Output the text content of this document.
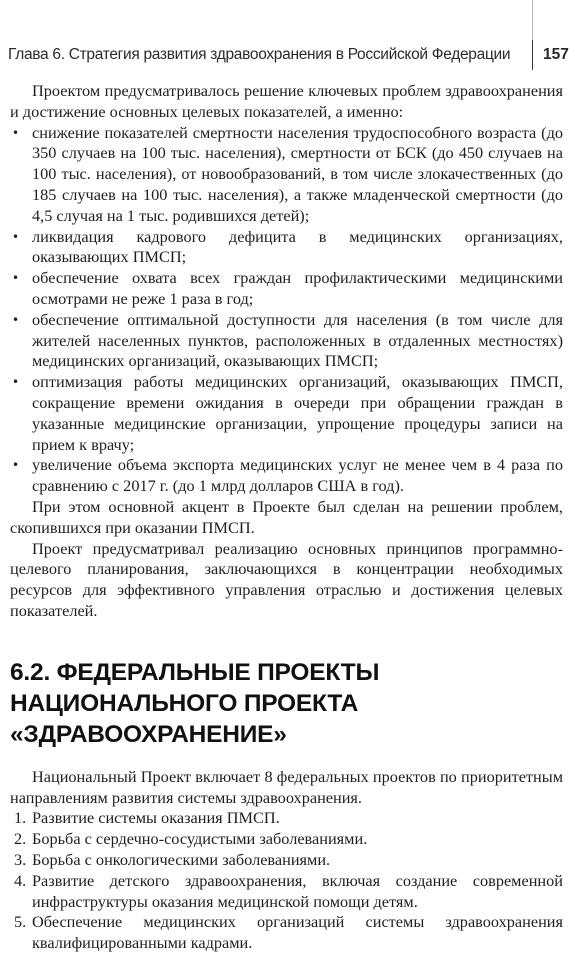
Глава 6. Стратегия развития здравоохранения в Российской Федерации 157

Проектом предусматривалось решение ключевых проблем здравоохранения и достижение основных целевых показателей, а именно:

• снижение показателей смертности населения трудоспособного возраста (до 350 случаев на 100 тыс. населения), смертности от БСК (до 450 случаев на 100 тыс. населения), от новообразований, в том числе злокачественных (до 185 случаев на 100 тыс. населения), а также младенческой смертности (до 4,5 случая на 1 тыс. родившихся детей);
• ликвидация кадрового дефицита в медицинских организациях, оказывающих ПМСП;
• обеспечение охвата всех граждан профилактическими медицинскими осмотрами не реже 1 раза в год;
• обеспечение оптимальной доступности для населения (в том числе для жителей населенных пунктов, расположенных в отдаленных местностях) медицинских организаций, оказывающих ПМСП;
• оптимизация работы медицинских организаций, оказывающих ПМСП, сокращение времени ожидания в очереди при обращении граждан в указанные медицинские организации, упрощение процедуры записи на прием к врачу;
• увеличение объема экспорта медицинских услуг не менее чем в 4 раза по сравнению с 2017 г. (до 1 млрд долларов США в год).

При этом основной акцент в Проекте был сделан на решении проблем, скопившихся при оказании ПМСП.

Проект предусматривал реализацию основных принципов программно-целевого планирования, заключающихся в концентрации необходимых ресурсов для эффективного управления отраслью и достижения целевых показателей.

6.2. ФЕДЕРАЛЬНЫЕ ПРОЕКТЫ НАЦИОНАЛЬНОГО ПРОЕКТА «ЗДРАВООХРАНЕНИЕ»

Национальный Проект включает 8 федеральных проектов по приоритетным направлениям развития системы здравоохранения.

1. Развитие системы оказания ПМСП.
2. Борьба с сердечно-сосудистыми заболеваниями.
3. Борьба с онкологическими заболеваниями.
4. Развитие детского здравоохранения, включая создание современной инфраструктуры оказания медицинской помощи детям.
5. Обеспечение медицинских организаций системы здравоохранения квалифицированными кадрами.
